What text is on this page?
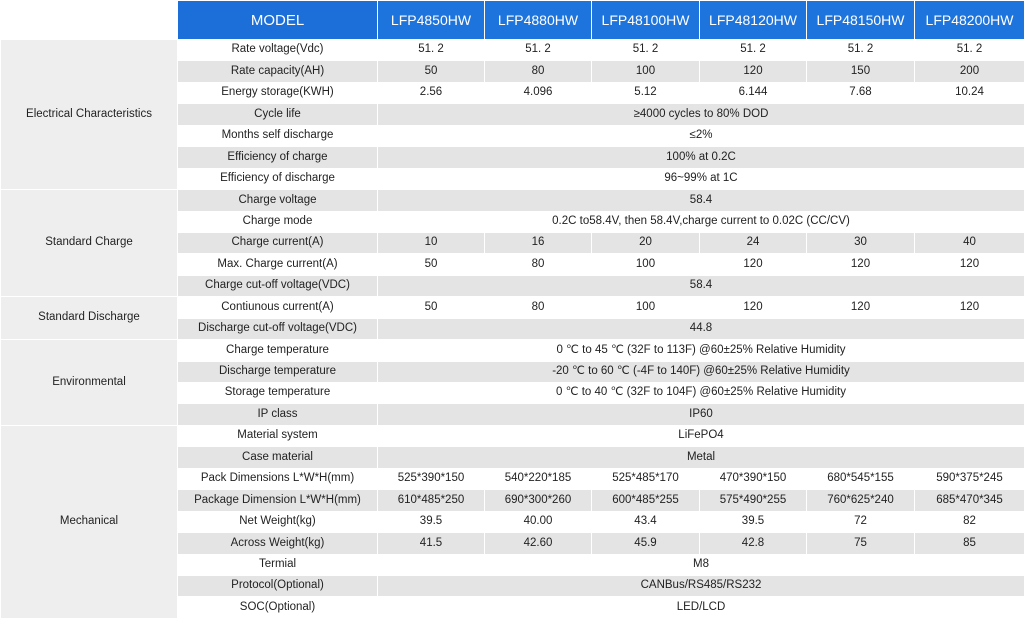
	MODEL	LFP4850HW	LFP4880HW	LFP48100HW	LFP48120HW	LFP48150HW	LFP48200HW
Electrical Characteristics	Rate voltage(Vdc)	51. 2	51. 2	51. 2	51. 2	51. 2	51. 2
	Rate capacity(AH)	50	80	100	120	150	200
	Energy storage(KWH)	2.56	4.096	5.12	6.144	7.68	10.24
	Cycle life	≥4000 cycles to 80% DOD					
	Months self discharge	≤2%					
	Efficiency of charge	100% at 0.2C					
	Efficiency of discharge	96~99% at 1C					
Standard Charge	Charge voltage	58.4					
	Charge mode	0.2C to58.4V, then 58.4V,charge current to 0.02C (CC/CV)					
	Charge current(A)	10	16	20	24	30	40
	Max. Charge current(A)	50	80	100	120	120	120
	Charge cut-off voltage(VDC)	58.4					
Standard Discharge	Contiunous current(A)	50	80	100	120	120	120
	Discharge cut-off voltage(VDC)	44.8					
Environmental	Charge temperature	0 ℃ to 45 ℃ (32F to 113F) @60±25% Relative Humidity					
	Discharge temperature	-20 ℃ to 60 ℃ (-4F to 140F) @60±25% Relative Humidity					
	Storage temperature	0 ℃ to 40 ℃ (32F to 104F) @60±25% Relative Humidity					
	IP class	IP60					
Mechanical	Material system	LiFePO4					
	Case material	Metal					
	Pack Dimensions L*W*H(mm)	525*390*150	540*220*185	525*485*170	470*390*150	680*545*155	590*375*245
	Package Dimension L*W*H(mm)	610*485*250	690*300*260	600*485*255	575*490*255	760*625*240	685*470*345
	Net Weight(kg)	39.5	40.00	43.4	39.5	72	82
	Across Weight(kg)	41.5	42.60	45.9	42.8	75	85
	Termial	M8					
	Protocol(Optional)	CANBus/RS485/RS232					
	SOC(Optional)	LED/LCD					
